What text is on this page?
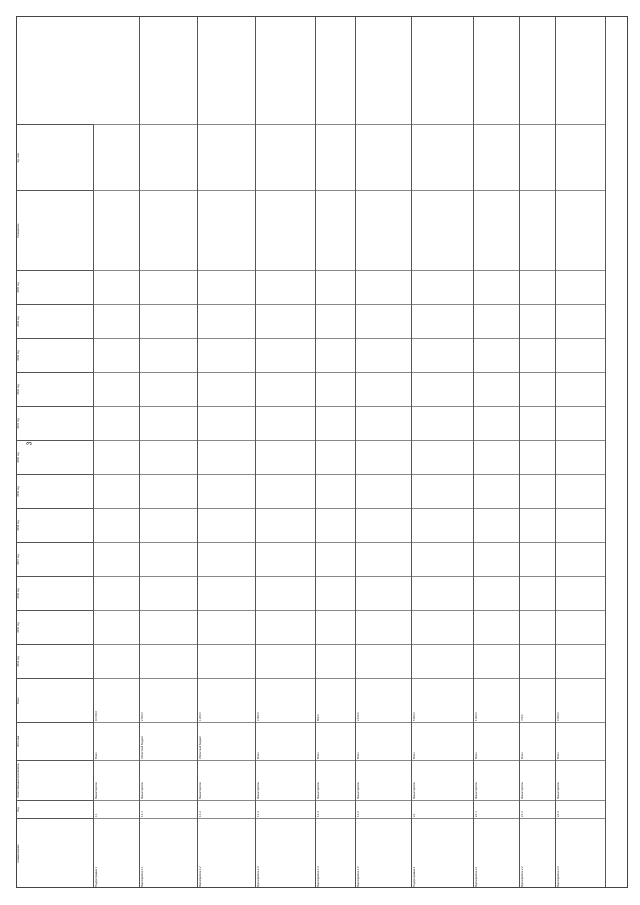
3
Наименование
Код
Ответственный исполнитель
Источник
Всего
2014 год
2015 год
2016 год
2017 год
2018 год
2019 год
2020 год
2021 год
2022 год
2023 год
2024 год
2025 год
Показатель
Ед. изм.
Подпрограмма 1
1.1
Министерство
Всего
10 000,0
Мероприятие 1.1
1.1.1
Министерство
Областной бюджет
2 500,0
Мероприятие 1.2
1.1.2
Министерство
Областной бюджет
1 200,0
Мероприятие 1.3
1.1.3
Министерство
Всего
3 400,0
Мероприятие 1.4
1.1.4
Министерство
Всего
800,0
Мероприятие 1.5
1.1.5
Министерство
Всего
2 100,0
Подпрограмма 2
2.1
Министерство
Всего
5 600,0
Мероприятие 2.1
2.1.1
Министерство
Всего
1 900,0
Мероприятие 2.2
2.1.2
Министерство
Всего
700,0
Мероприятие 2.3
2.1.3
Министерство
Всего
3 000,0
